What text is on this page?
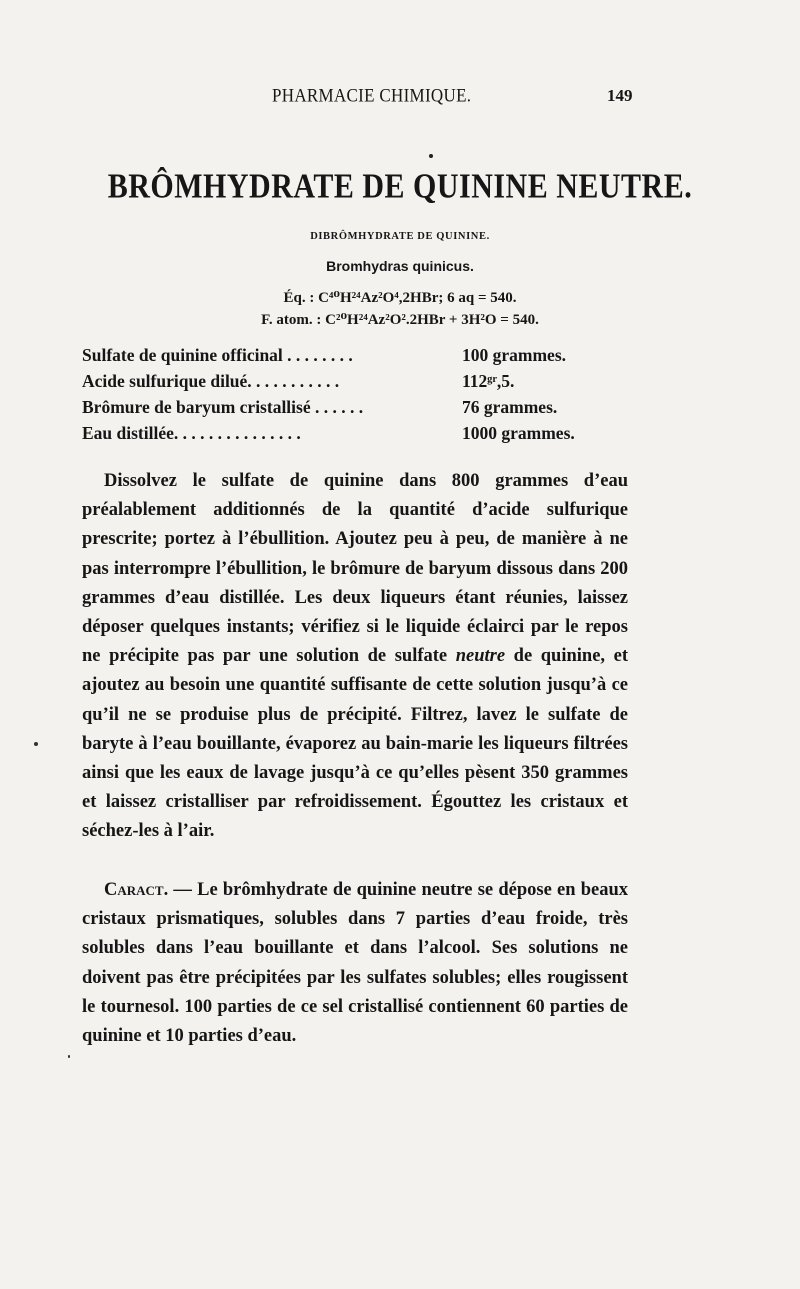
PHARMACIE CHIMIQUE.	149
BRÔMHYDRATE DE QUININE NEUTRE.
DIBRÔMHYDRATE DE QUININE.
Bromhydras quinicus.
Éq. : C⁴⁰H²⁴Az²O⁴,2HBr; 6 aq = 540.
F. atom. : C²⁰H²⁴Az²O².2HBr + 3H²O = 540.
Sulfate de quinine officinal . . . . . . . .	100 grammes.
Acide sulfurique dilué. . . . . . . . . . .	112ᵍʳ,5.
Brômure de baryum cristallisé . . . . . .	76 grammes.
Eau distillée. . . . . . . . . . . . . . .	1000 grammes.

Dissolvez le sulfate de quinine dans 800 grammes d’eau préalablement additionnés de la quantité d’acide sulfurique prescrite; portez à l’ébullition. Ajoutez peu à peu, de manière à ne pas interrompre l’ébullition, le brômure de baryum dissous dans 200 grammes d’eau distillée. Les deux liqueurs étant réunies, laissez déposer quelques instants; vérifiez si le liquide éclairci par le repos ne précipite pas par une solution de sulfate neutre de quinine, et ajoutez au besoin une quantité suffisante de cette solution jusqu’à ce qu’il ne se produise plus de précipité. Filtrez, lavez le sulfate de baryte à l’eau bouillante, évaporez au bain-marie les liqueurs filtrées ainsi que les eaux de lavage jusqu’à ce qu’elles pèsent 350 grammes et laissez cristalliser par refroidissement. Égouttez les cristaux et séchez-les à l’air.

Caract. — Le brômhydrate de quinine neutre se dépose en beaux cristaux prismatiques, solubles dans 7 parties d’eau froide, très solubles dans l’eau bouillante et dans l’alcool. Ses solutions ne doivent pas être précipitées par les sulfates solubles; elles rougissent le tournesol. 100 parties de ce sel cristallisé contiennent 60 parties de quinine et 10 parties d’eau.
